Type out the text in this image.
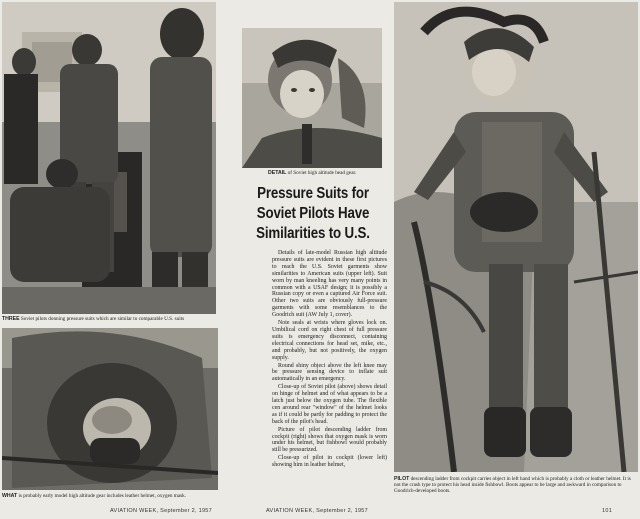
THREE Soviet pilots donning pressure suits which are similar to comparable U.S. suits
WHAT is probably early model high altitude gear includes leather helmet, oxygen mask.
AVIATION WEEK, September 2, 1957
DETAIL of Soviet high altitude head gear.
Pressure Suits for
Soviet Pilots Have
Similarities to U.S.

Details of late-model Russian high altitude pressure suits are evident in these first pictures to reach the U.S. Soviet garments show similarities to American suits (upper left). Suit worn by man kneeling has very many points in common with a USAF design; it is possibly a Russian copy or even a captured Air Force suit. Other two suits are obviously full-pressure garments with some resemblances to the Goodrich suit (AW July 1, cover).

Note seals at wrists where gloves lock on. Umbilical cord on right chest of full pressure suits is emergency disconnect, containing electrical connections for head set, mike, etc., and probably, but not positively, the oxygen supply.

Round shiny object above the left knee may be pressure sensing device to inflate suit automatically in an emergency.

Close-up of Soviet pilot (above) shows detail on hinge of helmet and of what appears to be a latch just below the oxygen tube. The flexible cen around rear "window" of the helmet looks as if it could be partly for padding to protect the back of the pilot's head.

Picture of pilot descending ladder from cockpit (right) shows that oxygen mask is worn under his helmet, but fishbowl would probably still be pressurized.

Close-up of pilot in cockpit (lower left) showing him in leather helmet,

AVIATION WEEK, September 2, 1957
PILOT descending ladder from cockpit carries object in left hand which is probably a cloth or leather helmet. It is not the crash type to protect his head inside fishbowl. Boots appear to be large and awkward in comparison to Goodrich-developed boots.
101
